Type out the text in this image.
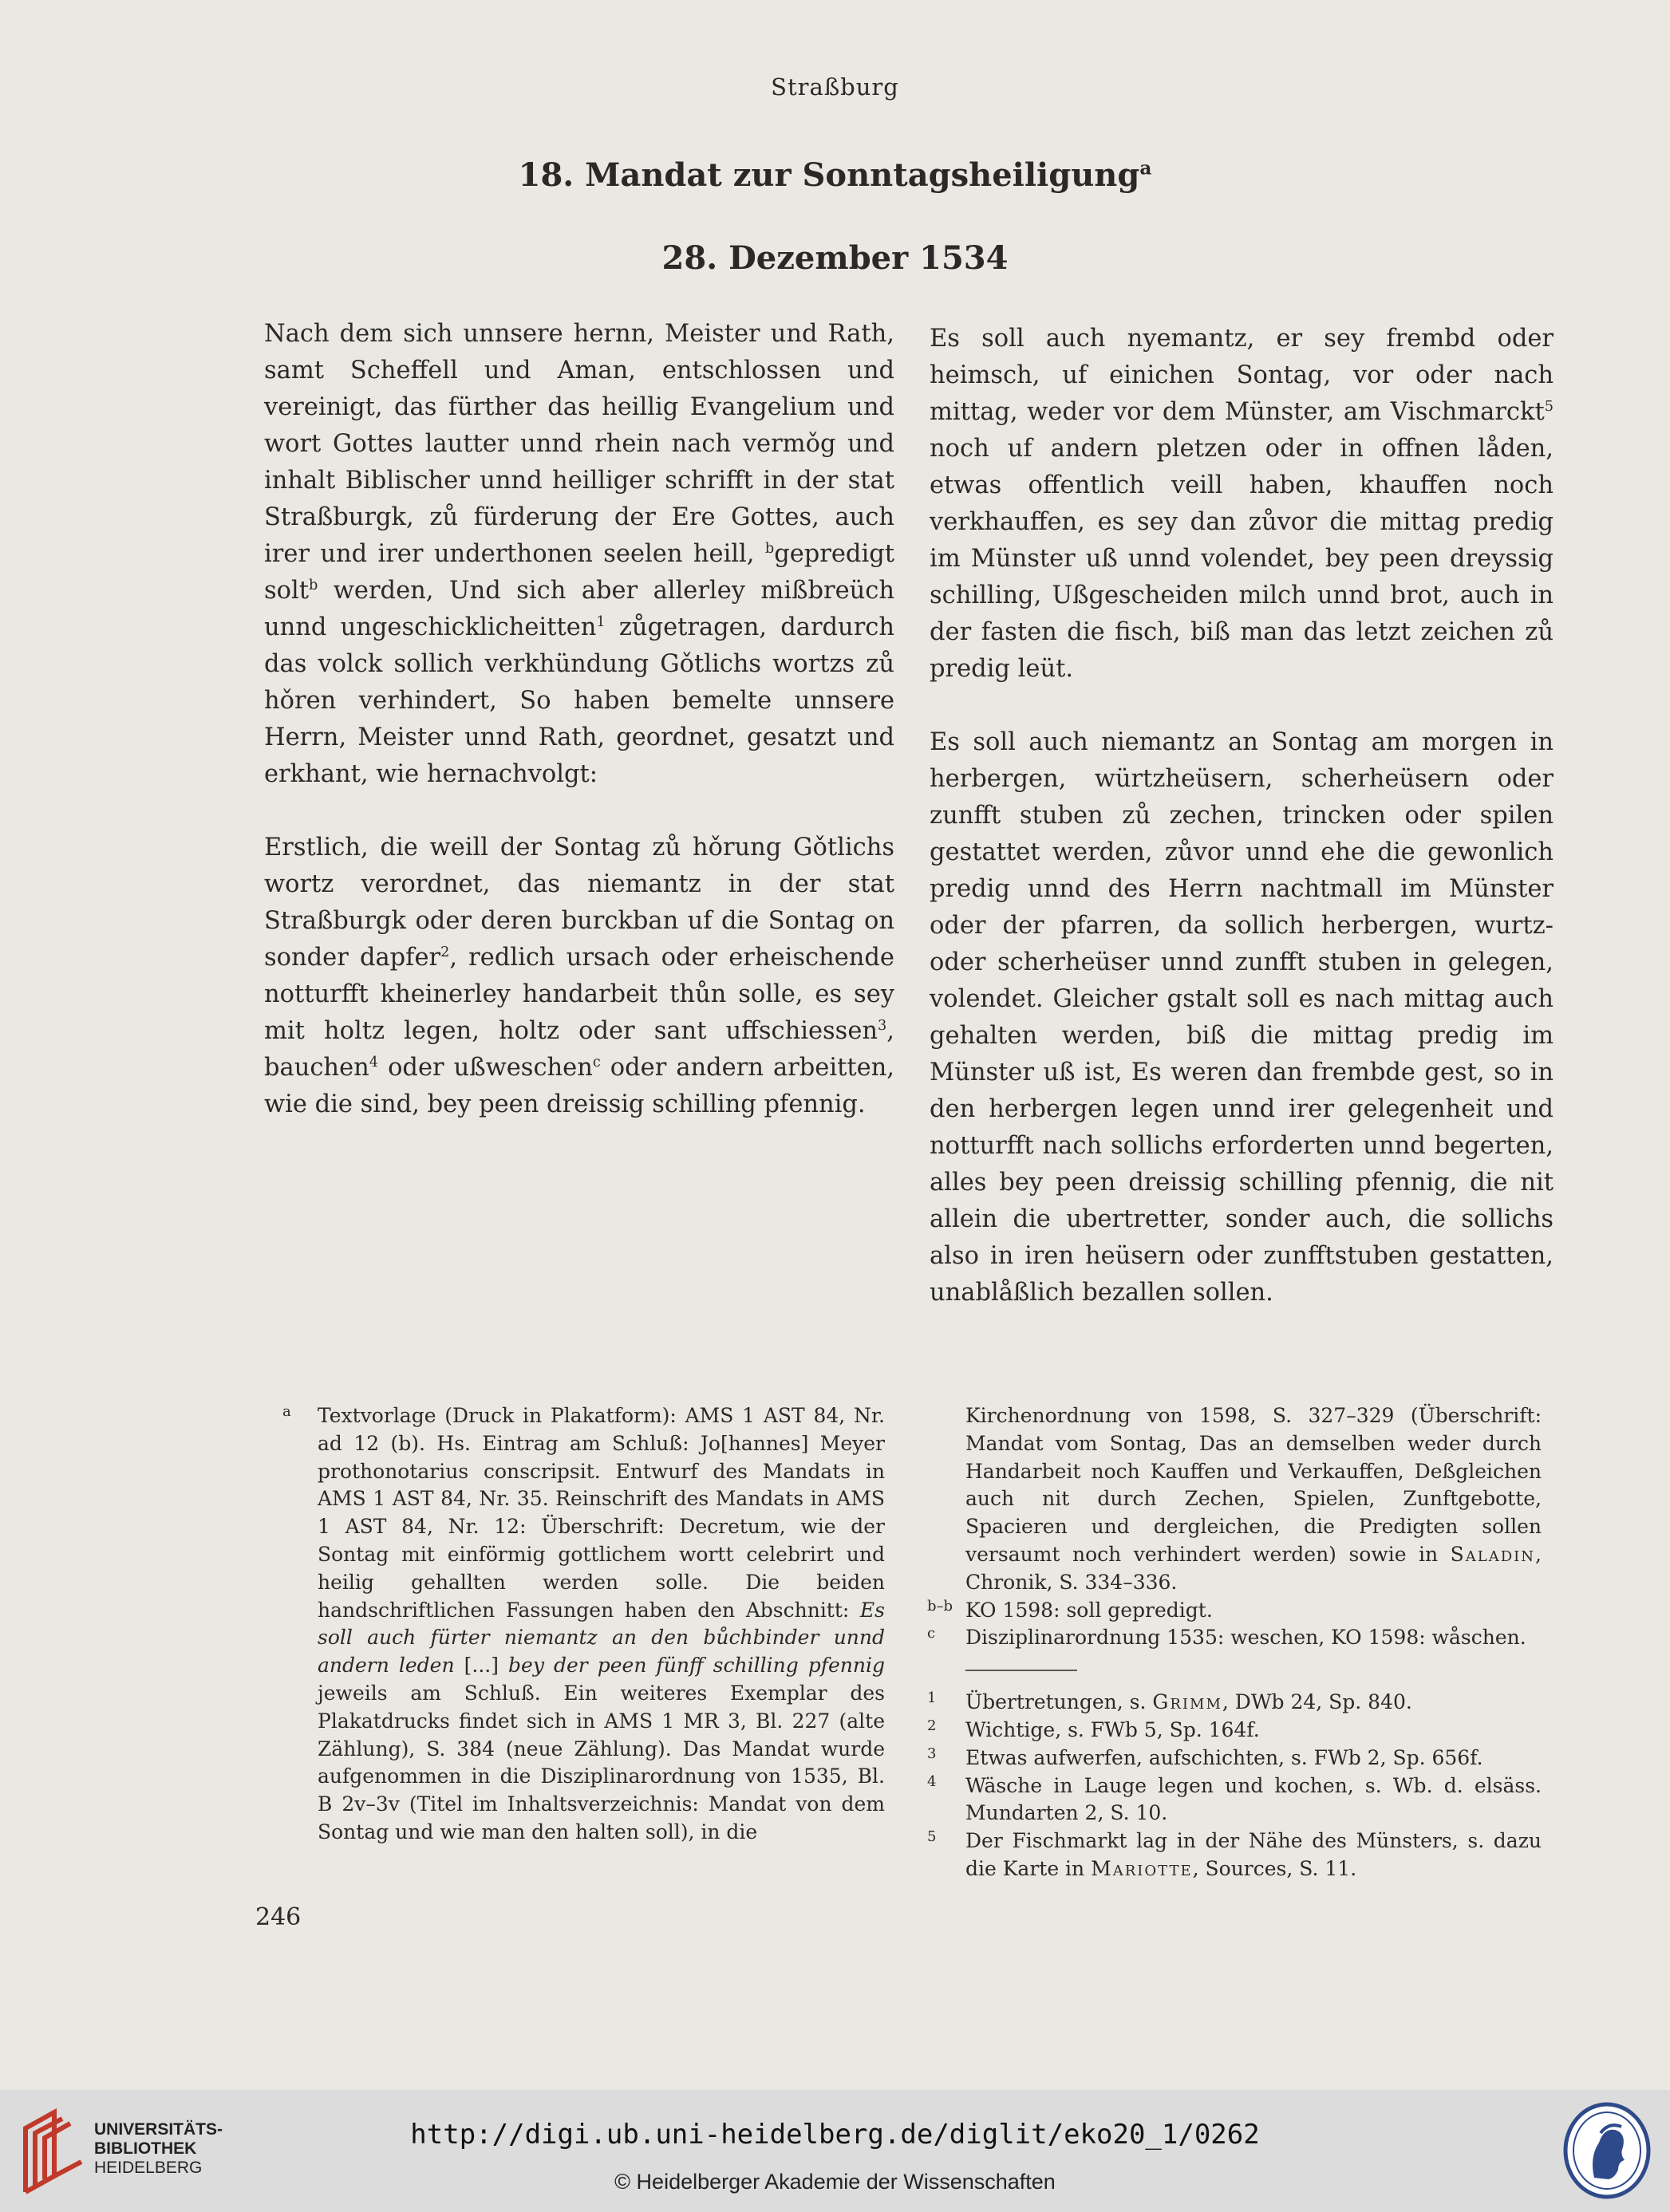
Straßburg
18. Mandat zur Sonntagsheiligung$^a$
28. Dezember 1534

Nach dem sich unnsere hernn, Meister und Rath, samt Scheffell und Aman, entschlossen und vereinigt, das fürther das heillig Evangelium und wort Gottes lautter unnd rhein nach vermǒg und inhalt Biblischer unnd heilliger schrifft in der stat Straßburgk, zů fürderung der Ere Gottes, auch irer und irer underthonen seelen heill, $^b$gepredigt solt$^b$ werden, Und sich aber allerley mißbreüch unnd ungeschicklicheitten$^1$ zůgetragen, dardurch das volck sollich verkhündung Gǒtlichs wortzs zů hǒren verhindert, So haben bemelte unnsere Herrn, Meister unnd Rath, geordnet, gesatzt und erkhant, wie hernachvolgt:

Erstlich, die weill der Sontag zů hǒrung Gǒtlichs wortz verordnet, das niemantz in der stat Straßburgk oder deren burckban uf die Sontag on sonder dapfer$^2$, redlich ursach oder erheischende notturfft kheinerley handarbeit thůn solle, es sey mit holtz legen, holtz oder sant uffschiessen$^3$, bauchen$^4$ oder ußweschen$^c$ oder andern arbeitten, wie die sind, bey peen dreissig schilling pfennig.

Es soll auch nyemantz, er sey frembd oder heimsch, uf einichen Sontag, vor oder nach mittag, weder vor dem Münster, am Vischmarckt$^5$ noch uf andern pletzen oder in offnen låden, etwas offentlich veill haben, khauffen noch verkhauffen, es sey dan zůvor die mittag predig im Münster uß unnd volendet, bey peen dreyssig schilling, Ußgescheiden milch unnd brot, auch in der fasten die fisch, biß man das letzt zeichen zů predig leüt.

Es soll auch niemantz an Sontag am morgen in herbergen, würtzheüsern, scherheüsern oder zunfft stuben zů zechen, trincken oder spilen gestattet werden, zůvor unnd ehe die gewonlich predig unnd des Herrn nachtmall im Münster oder der pfarren, da sollich herbergen, wurtz- oder scherheüser unnd zunfft stuben in gelegen, volendet. Gleicher gstalt soll es nach mittag auch gehalten werden, biß die mittag predig im Münster uß ist, Es weren dan frembde gest, so in den herbergen legen unnd irer gelegenheit und notturfft nach sollichs erforderten unnd begerten, alles bey peen dreissig schilling pfennig, die nit allein die ubertretter, sonder auch, die sollichs also in iren heüsern oder zunfftstuben gestatten, unablåßlich bezallen sollen.

a Textvorlage (Druck in Plakatform): AMS 1 AST 84, Nr. ad 12 (b). Hs. Eintrag am Schluß: Jo[hannes] Meyer prothonotarius conscripsit. Entwurf des Mandats in AMS 1 AST 84, Nr. 35. Reinschrift des Mandats in AMS 1 AST 84, Nr. 12: Überschrift: Decretum, wie der Sontag mit einförmig gottlichem wortt celebrirt und heilig gehallten werden solle. Die beiden handschriftlichen Fassungen haben den Abschnitt: Es soll auch fürter niemantz an den bůchbinder unnd andern leden [...] bey der peen fünff schilling pfennig jeweils am Schluß. Ein weiteres Exemplar des Plakatdrucks findet sich in AMS 1 MR 3, Bl. 227 (alte Zählung), S. 384 (neue Zählung). Das Mandat wurde aufgenommen in die Disziplinarordnung von 1535, Bl. B 2v–3v (Titel im Inhaltsverzeichnis: Mandat von dem Sontag und wie man den halten soll), in die

Kirchenordnung von 1598, S. 327–329 (Überschrift: Mandat vom Sontag, Das an demselben weder durch Handarbeit noch Kauffen und Verkauffen, Deßgleichen auch nit durch Zechen, Spielen, Zunftgebotte, Spacieren und dergleichen, die Predigten sollen versaumt noch verhindert werden) sowie in Saladin, Chronik, S. 334–336.

b–b KO 1598: soll gepredigt.

c Disziplinarordnung 1535: weschen, KO 1598: wåschen.

1 Übertretungen, s. Grimm, DWb 24, Sp. 840.

2 Wichtige, s. FWb 5, Sp. 164f.

3 Etwas aufwerfen, aufschichten, s. FWb 2, Sp. 656f.

4 Wäsche in Lauge legen und kochen, s. Wb. d. elsäss. Mundarten 2, S. 10.

5 Der Fischmarkt lag in der Nähe des Münsters, s. dazu die Karte in Mariotte, Sources, S. 11.

246
UNIVERSITÄTS-
BIBLIOTHEK
HEIDELBERG
http://digi.ub.uni-heidelberg.de/diglit/eko20_1/0262
© Heidelberger Akademie der Wissenschaften
